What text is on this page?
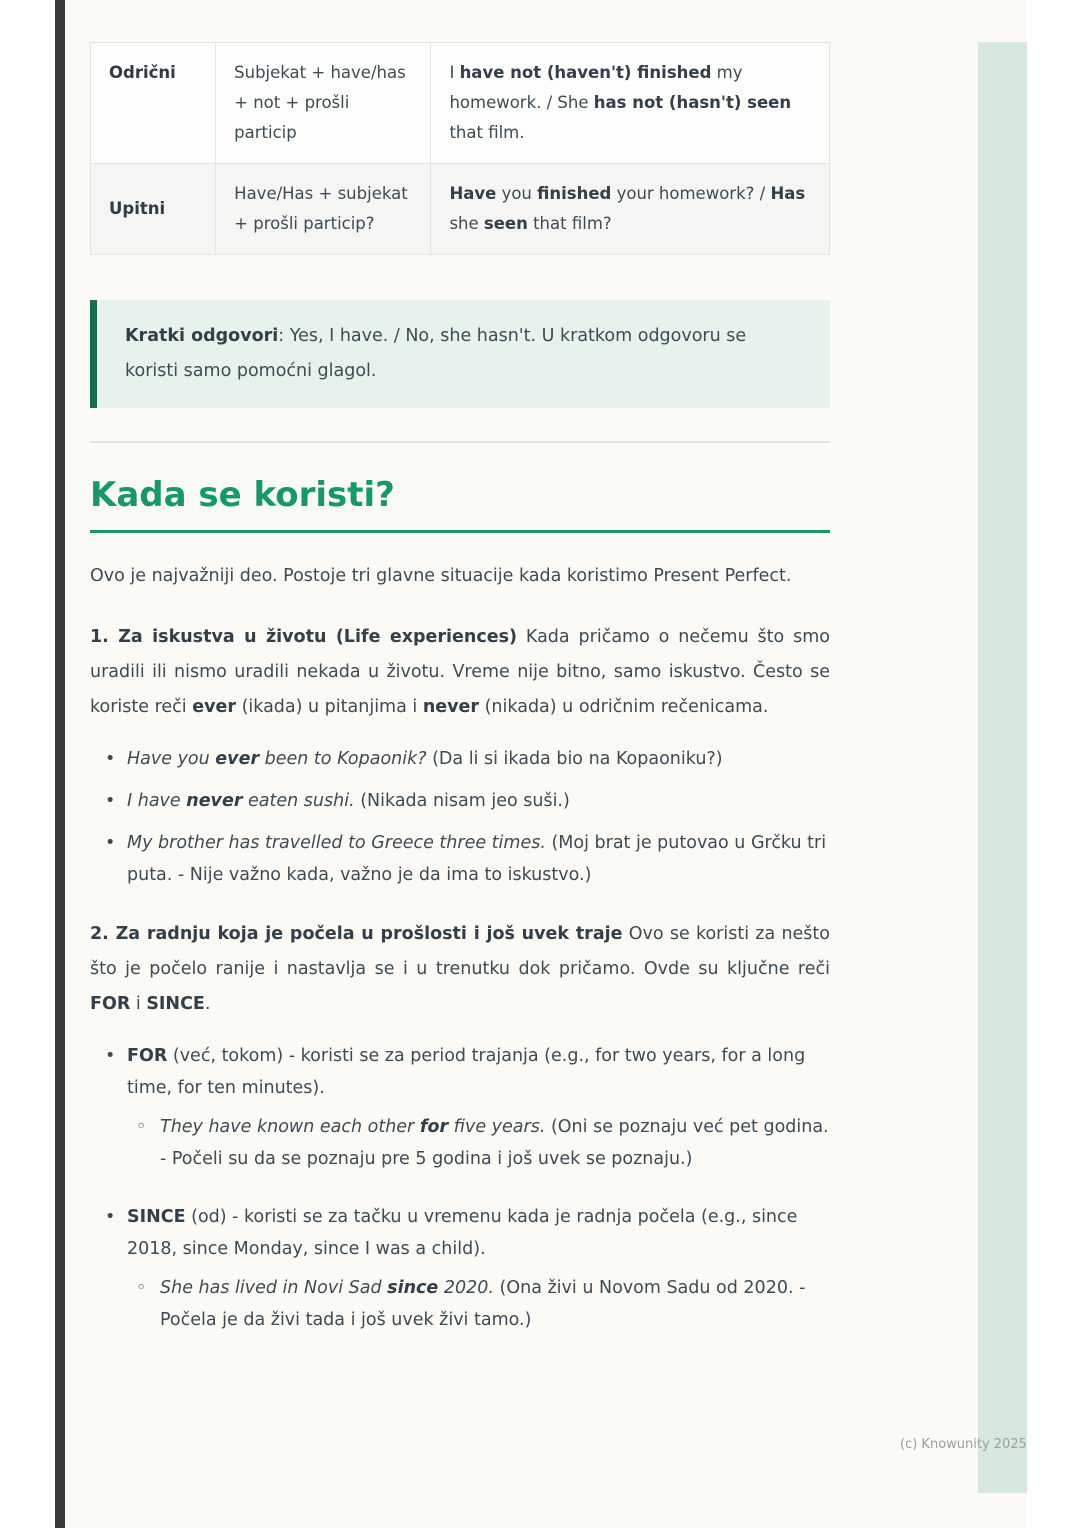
Odrični	Subjekat + have/has + not + prošli particip	I have not (haven't) finished my homework. / She has not (hasn't) seen that film.
Upitni	Have/Has + subjekat + prošli particip?	Have you finished your homework? / Has she seen that film?

Kratki odgovori: Yes, I have. / No, she hasn't. U kratkom odgovoru se koristi samo pomoćni glagol.

Kada se koristi?

Ovo je najvažniji deo. Postoje tri glavne situacije kada koristimo Present Perfect.

1. Za iskustva u životu (Life experiences) Kada pričamo o nečemu što smo uradili ili nismo uradili nekada u životu. Vreme nije bitno, samo iskustvo. Često se koriste reči ever (ikada) u pitanjima i never (nikada) u odričnim rečenicama.

• Have you ever been to Kopaonik? (Da li si ikada bio na Kopaoniku?)
• I have never eaten sushi. (Nikada nisam jeo suši.)
• My brother has travelled to Greece three times. (Moj brat je putovao u Grčku tri puta. - Nije važno kada, važno je da ima to iskustvo.)

2. Za radnju koja je počela u prošlosti i još uvek traje Ovo se koristi za nešto što je počelo ranije i nastavlja se i u trenutku dok pričamo. Ovde su ključne reči FOR i SINCE.

• FOR (već, tokom) - koristi se za period trajanja (e.g., for two years, for a long time, for ten minutes).
◦ They have known each other for five years. (Oni se poznaju već pet godina. - Počeli su da se poznaju pre 5 godina i još uvek se poznaju.)
• SINCE (od) - koristi se za tačku u vremenu kada je radnja počela (e.g., since 2018, since Monday, since I was a child).
◦ She has lived in Novi Sad since 2020. (Ona živi u Novom Sadu od 2020. - Počela je da živi tada i još uvek živi tamo.)
(c) Knowunity 2025
